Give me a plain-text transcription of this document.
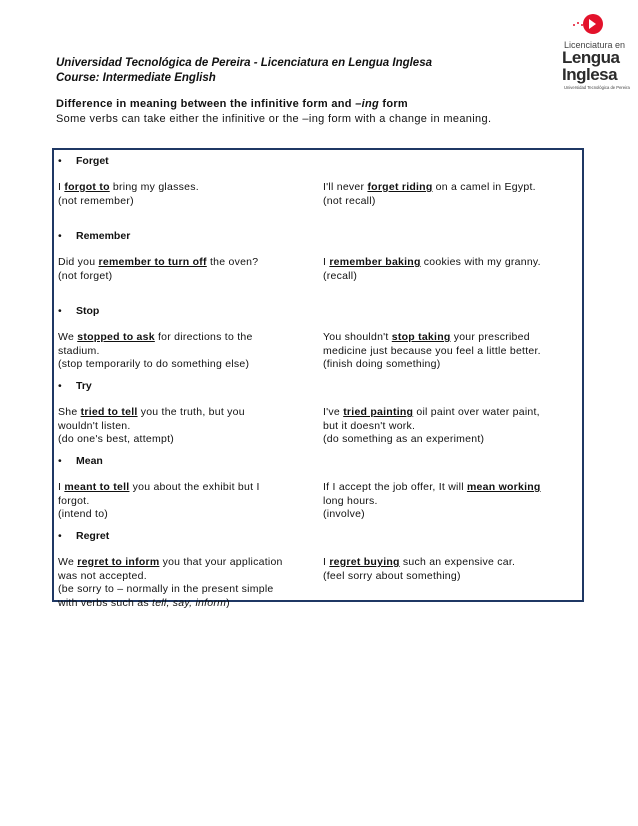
Licenciatura en
Lengua
Inglesa
Universidad Tecnológica de Pereira
Universidad Tecnológica de Pereira - Licenciatura en Lengua Inglesa
Course: Intermediate English
Difference in meaning between the infinitive form and –ing form
Some verbs can take either the infinitive or the –ing form with a change in meaning.
• Forget
I forgot to bring my glasses.
(not remember)
I'll never forget riding on a camel in Egypt.
(not recall)
• Remember
Did you remember to turn off the oven?
(not forget)
I remember baking cookies with my granny.
(recall)
• Stop
We stopped to ask for directions to the
stadium.
(stop temporarily to do something else)
You shouldn't stop taking your prescribed
medicine just because you feel a little better.
(finish doing something)
• Try
She tried to tell you the truth, but you
wouldn't listen.
(do one's best, attempt)
I've tried painting oil paint over water paint,
but it doesn't work.
(do something as an experiment)
• Mean
I meant to tell you about the exhibit but I
forgot.
(intend to)
If I accept the job offer, It will mean working
long hours.
(involve)
• Regret
We regret to inform you that your application
was not accepted.
(be sorry to – normally in the present simple
with verbs such as tell, say, inform)
I regret buying such an expensive car.
(feel sorry about something)
